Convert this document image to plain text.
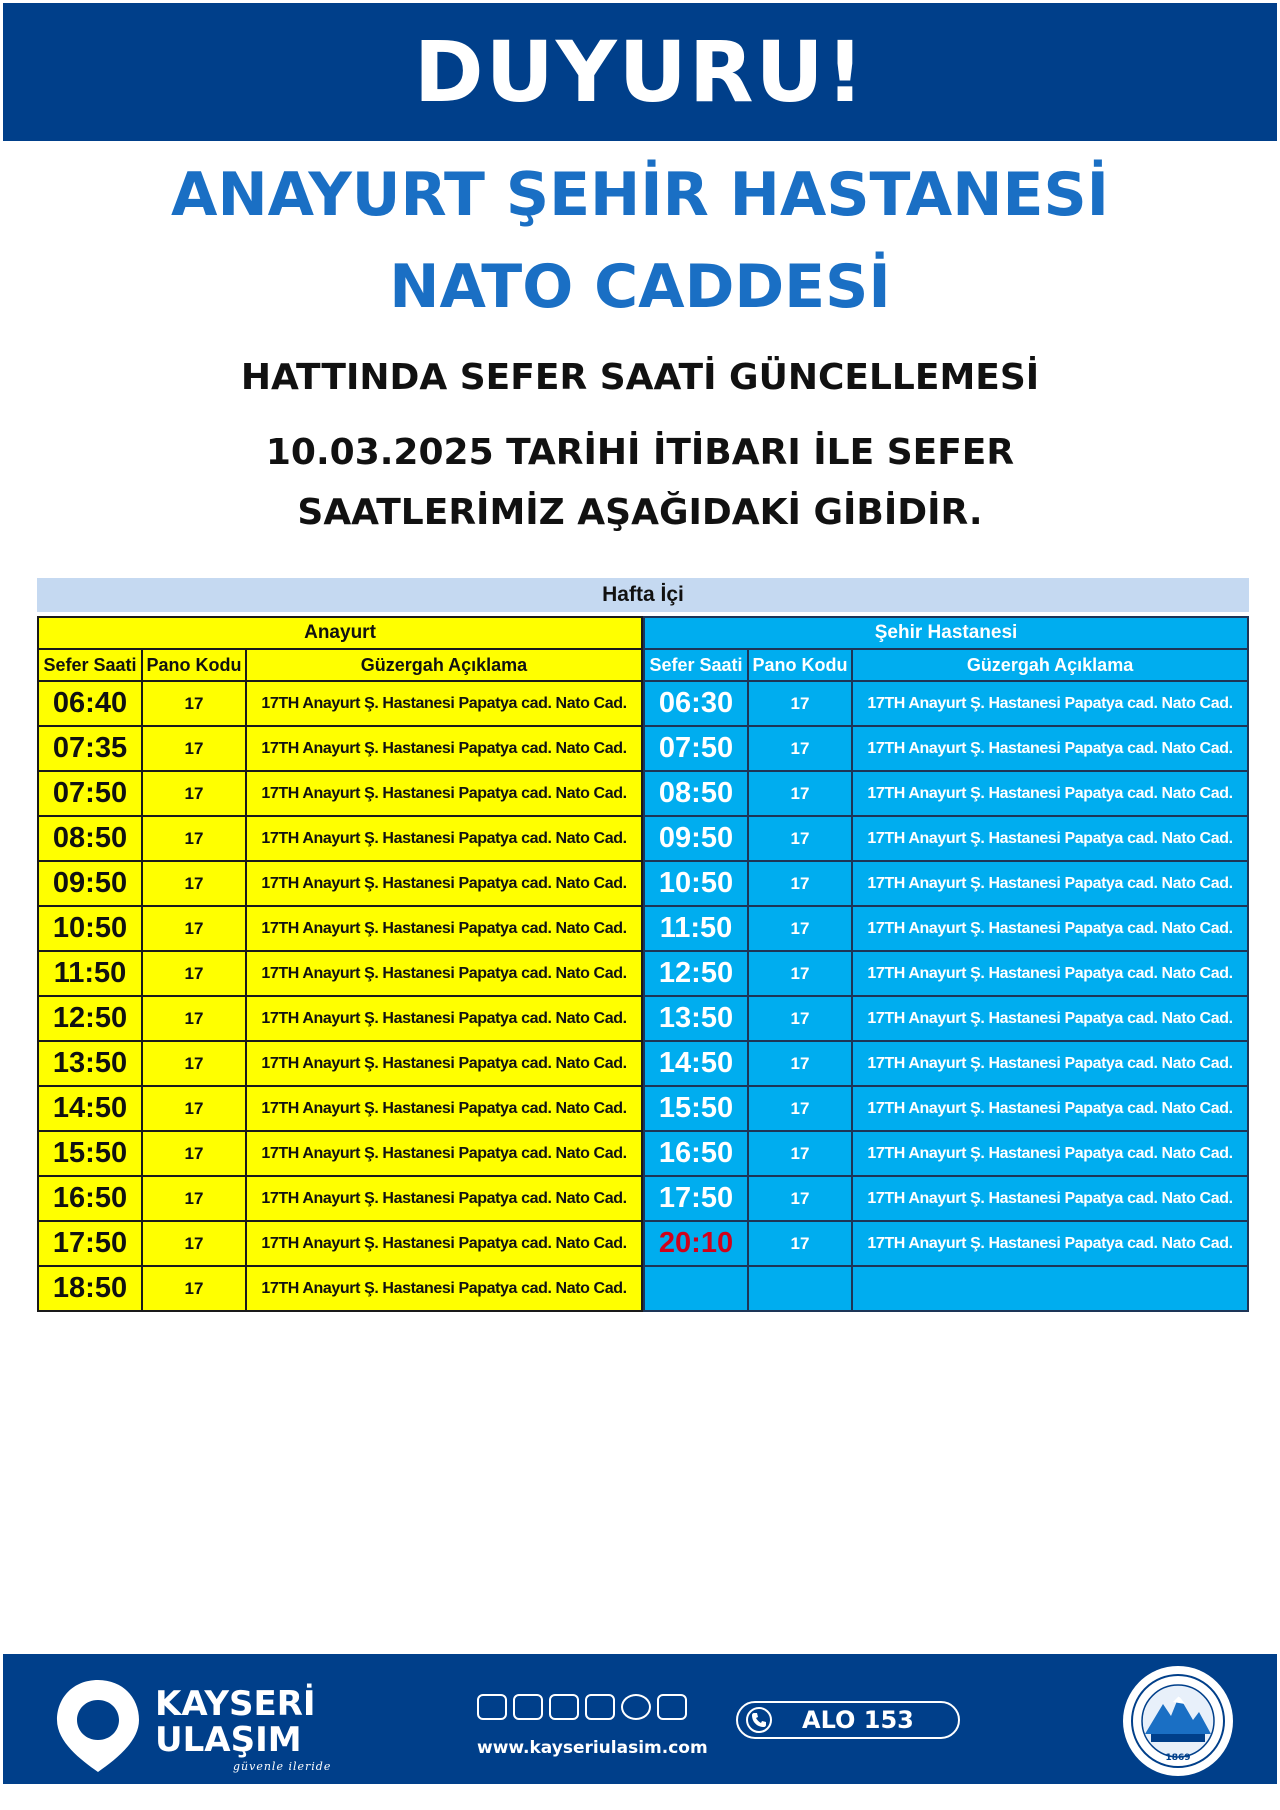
DUYURU!
ANAYURT ŞEHİR HASTANESİ
NATO CADDESİ
HATTINDA SEFER SAATİ GÜNCELLEMESİ
10.03.2025 TARİHİ İTİBARI İLE SEFER
SAATLERİMİZ AŞAĞIDAKİ GİBİDİR.
Hafta İçi
Anayurt		
Sefer Saati	Pano Kodu	Güzergah Açıklama
06:40	17	17TH Anayurt Ş. Hastanesi Papatya cad. Nato Cad.
07:35	17	17TH Anayurt Ş. Hastanesi Papatya cad. Nato Cad.
07:50	17	17TH Anayurt Ş. Hastanesi Papatya cad. Nato Cad.
08:50	17	17TH Anayurt Ş. Hastanesi Papatya cad. Nato Cad.
09:50	17	17TH Anayurt Ş. Hastanesi Papatya cad. Nato Cad.
10:50	17	17TH Anayurt Ş. Hastanesi Papatya cad. Nato Cad.
11:50	17	17TH Anayurt Ş. Hastanesi Papatya cad. Nato Cad.
12:50	17	17TH Anayurt Ş. Hastanesi Papatya cad. Nato Cad.
13:50	17	17TH Anayurt Ş. Hastanesi Papatya cad. Nato Cad.
14:50	17	17TH Anayurt Ş. Hastanesi Papatya cad. Nato Cad.
15:50	17	17TH Anayurt Ş. Hastanesi Papatya cad. Nato Cad.
16:50	17	17TH Anayurt Ş. Hastanesi Papatya cad. Nato Cad.
17:50	17	17TH Anayurt Ş. Hastanesi Papatya cad. Nato Cad.
18:50	17	17TH Anayurt Ş. Hastanesi Papatya cad. Nato Cad.
Şehir Hastanesi		
Sefer Saati	Pano Kodu	Güzergah Açıklama
06:30	17	17TH Anayurt Ş. Hastanesi Papatya cad. Nato Cad.
07:50	17	17TH Anayurt Ş. Hastanesi Papatya cad. Nato Cad.
08:50	17	17TH Anayurt Ş. Hastanesi Papatya cad. Nato Cad.
09:50	17	17TH Anayurt Ş. Hastanesi Papatya cad. Nato Cad.
10:50	17	17TH Anayurt Ş. Hastanesi Papatya cad. Nato Cad.
11:50	17	17TH Anayurt Ş. Hastanesi Papatya cad. Nato Cad.
12:50	17	17TH Anayurt Ş. Hastanesi Papatya cad. Nato Cad.
13:50	17	17TH Anayurt Ş. Hastanesi Papatya cad. Nato Cad.
14:50	17	17TH Anayurt Ş. Hastanesi Papatya cad. Nato Cad.
15:50	17	17TH Anayurt Ş. Hastanesi Papatya cad. Nato Cad.
16:50	17	17TH Anayurt Ş. Hastanesi Papatya cad. Nato Cad.
17:50	17	17TH Anayurt Ş. Hastanesi Papatya cad. Nato Cad.
20:10	17	17TH Anayurt Ş. Hastanesi Papatya cad. Nato Cad.

KAYSERİ
ULAŞIM
güvenle ileride
www.kayseriulasim.com
ALO 153
1869
